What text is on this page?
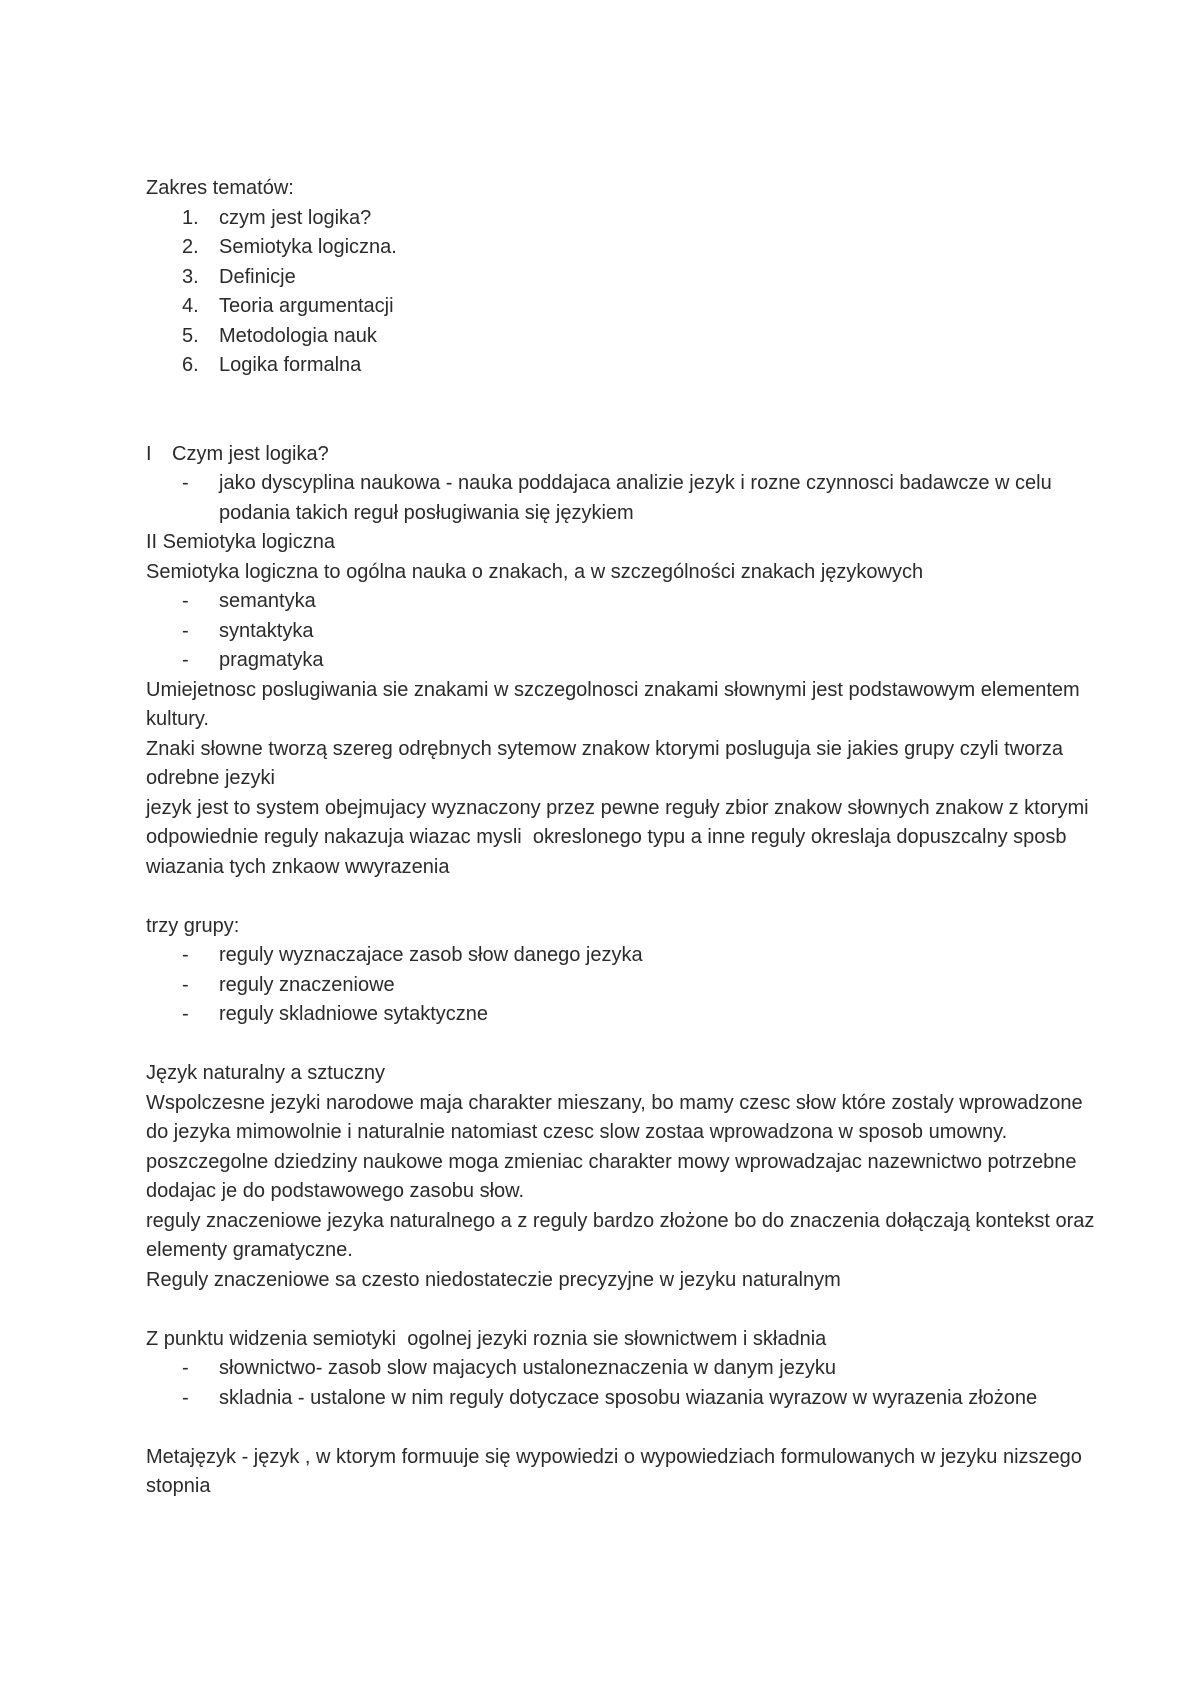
Zakres tematów:

1. czym jest logika?
2. Semiotyka logiczna.
3. Definicje
4. Teoria argumentacji
5. Metodologia nauk
6. Logika formalna

I Czym jest logika?

- jako dyscyplina naukowa - nauka poddajaca analizie jezyk i rozne czynnosci badawcze w celu podania takich reguł posługiwania się językiem

II Semiotyka logiczna

Semiotyka logiczna to ogólna nauka o znakach, a w szczególności znakach językowych

- semantyka
- syntaktyka
- pragmatyka

Umiejetnosc poslugiwania sie znakami w szczegolnosci znakami słownymi jest podstawowym elementem kultury.

Znaki słowne tworzą szereg odrębnych sytemow znakow ktorymi posluguja sie jakies grupy czyli tworza odrebne jezyki

jezyk jest to system obejmujacy wyznaczony przez pewne reguły zbior znakow słownych znakow z ktorymi odpowiednie reguly nakazuja wiazac mysli  okreslonego typu a inne reguly okreslaja dopuszcalny sposb wiazania tych znkaow wwyrazenia

trzy grupy:

- reguly wyznaczajace zasob słow danego jezyka
- reguly znaczeniowe
- reguly skladniowe sytaktyczne

Język naturalny a sztuczny

Wspolczesne jezyki narodowe maja charakter mieszany, bo mamy czesc słow które zostaly wprowadzone do jezyka mimowolnie i naturalnie natomiast czesc slow zostaa wprowadzona w sposob umowny.

poszczegolne dziedziny naukowe moga zmieniac charakter mowy wprowadzajac nazewnictwo potrzebne dodajac je do podstawowego zasobu słow.

reguly znaczeniowe jezyka naturalnego a z reguly bardzo złożone bo do znaczenia dołączają kontekst oraz elementy gramatyczne.

Reguly znaczeniowe sa czesto niedostateczie precyzyjne w jezyku naturalnym

Z punktu widzenia semiotyki  ogolnej jezyki roznia sie słownictwem i składnia

- słownictwo- zasob slow majacych ustaloneznaczenia w danym jezyku
- skladnia - ustalone w nim reguly dotyczace sposobu wiazania wyrazow w wyrazenia złożone

Metajęzyk - język , w ktorym formuuje się wypowiedzi o wypowiedziach formulowanych w jezyku nizszego stopnia
